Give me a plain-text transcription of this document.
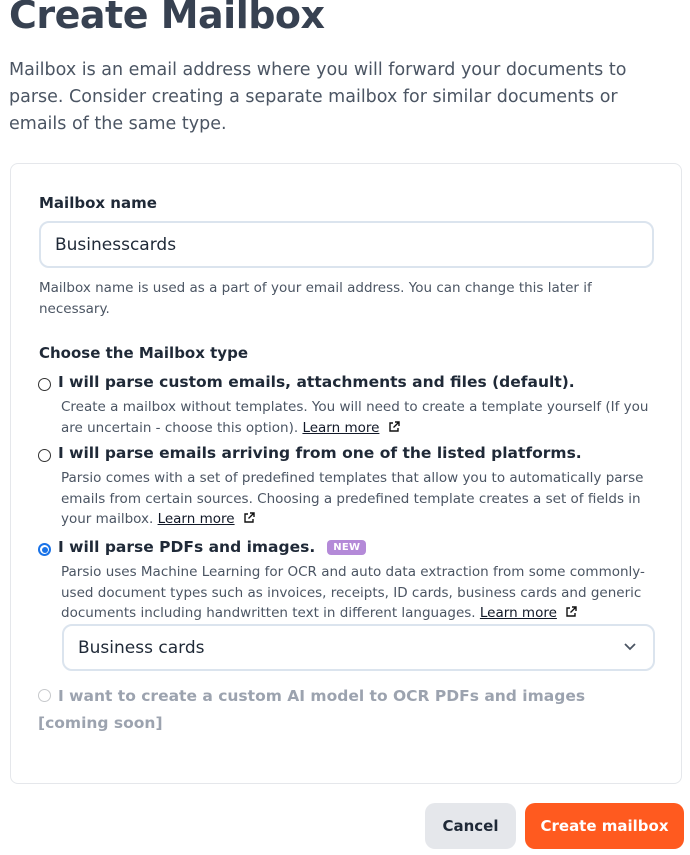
Create Mailbox

Mailbox is an email address where you will forward your documents to parse. Consider creating a separate mailbox for similar documents or emails of the same type.

Mailbox name
Businesscards
Mailbox name is used as a part of your email address. You can change this later if necessary.
Choose the Mailbox type
I will parse custom emails, attachments and files (default).
Create a mailbox without templates. You will need to create a template yourself (If you are uncertain - choose this option). Learn more
I will parse emails arriving from one of the listed platforms.
Parsio comes with a set of predefined templates that allow you to automatically parse emails from certain sources. Choosing a predefined template creates a set of fields in your mailbox. Learn more
I will parse PDFs and images. NEW
Parsio uses Machine Learning for OCR and auto data extraction from some commonly-used document types such as invoices, receipts, ID cards, business cards and generic documents including handwritten text in different languages. Learn more
Business cards
I want to create a custom AI model to OCR PDFs and images [coming soon]
Cancel	Create mailbox
